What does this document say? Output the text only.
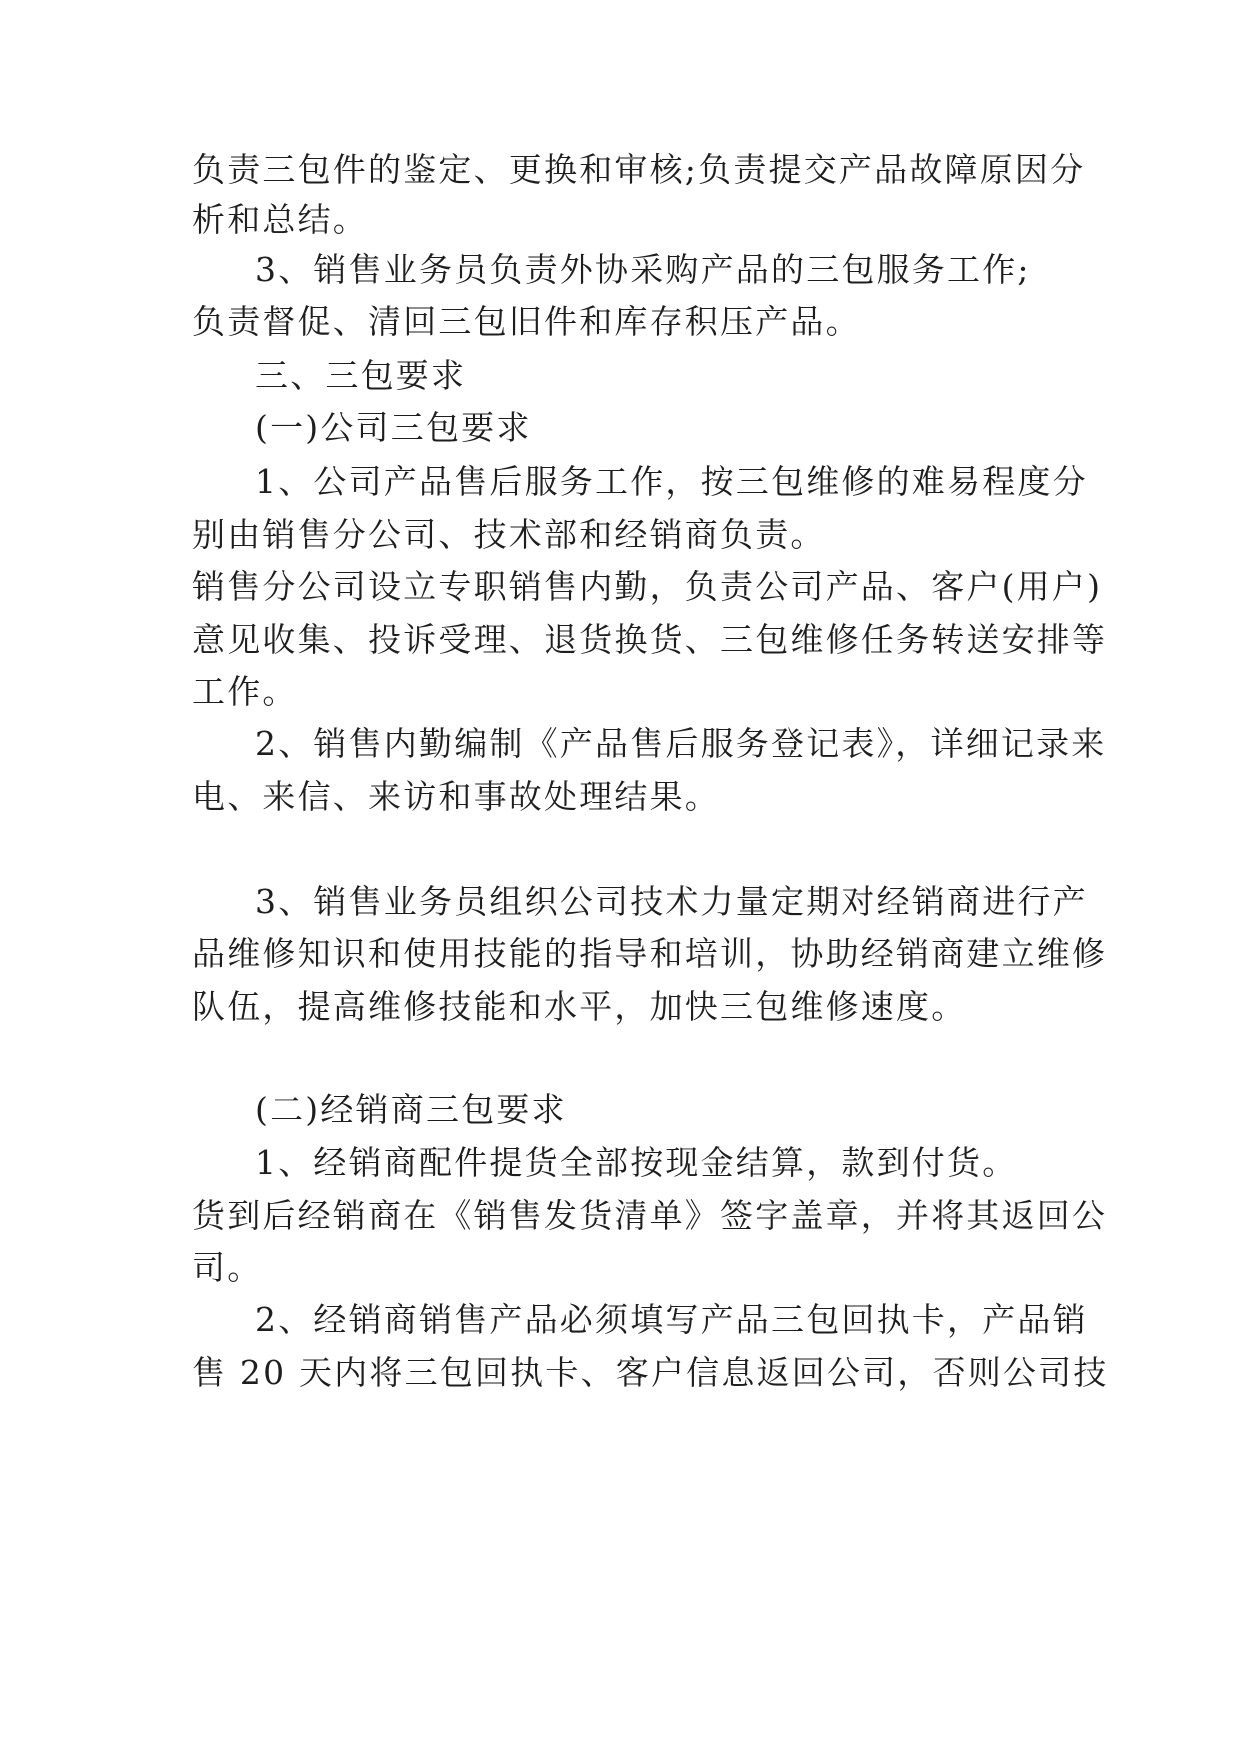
负责三包件的鉴定、更换和审核;负责提交产品故障原因分
析和总结。
3、销售业务员负责外协采购产品的三包服务工作;
负责督促、清回三包旧件和库存积压产品。
三、三包要求
(一)公司三包要求
1、公司产品售后服务工作，按三包维修的难易程度分
别由销售分公司、技术部和经销商负责。
销售分公司设立专职销售内勤，负责公司产品、客户(用户)
意见收集、投诉受理、退货换货、三包维修任务转送安排等
工作。
2、销售内勤编制《产品售后服务登记表》，详细记录来
电、来信、来访和事故处理结果。
3、销售业务员组织公司技术力量定期对经销商进行产
品维修知识和使用技能的指导和培训，协助经销商建立维修
队伍，提高维修技能和水平，加快三包维修速度。
(二)经销商三包要求
1、经销商配件提货全部按现金结算，款到付货。
货到后经销商在《销售发货清单》签字盖章，并将其返回公
司。
2、经销商销售产品必须填写产品三包回执卡，产品销
售 20 天内将三包回执卡、客户信息返回公司，否则公司技
